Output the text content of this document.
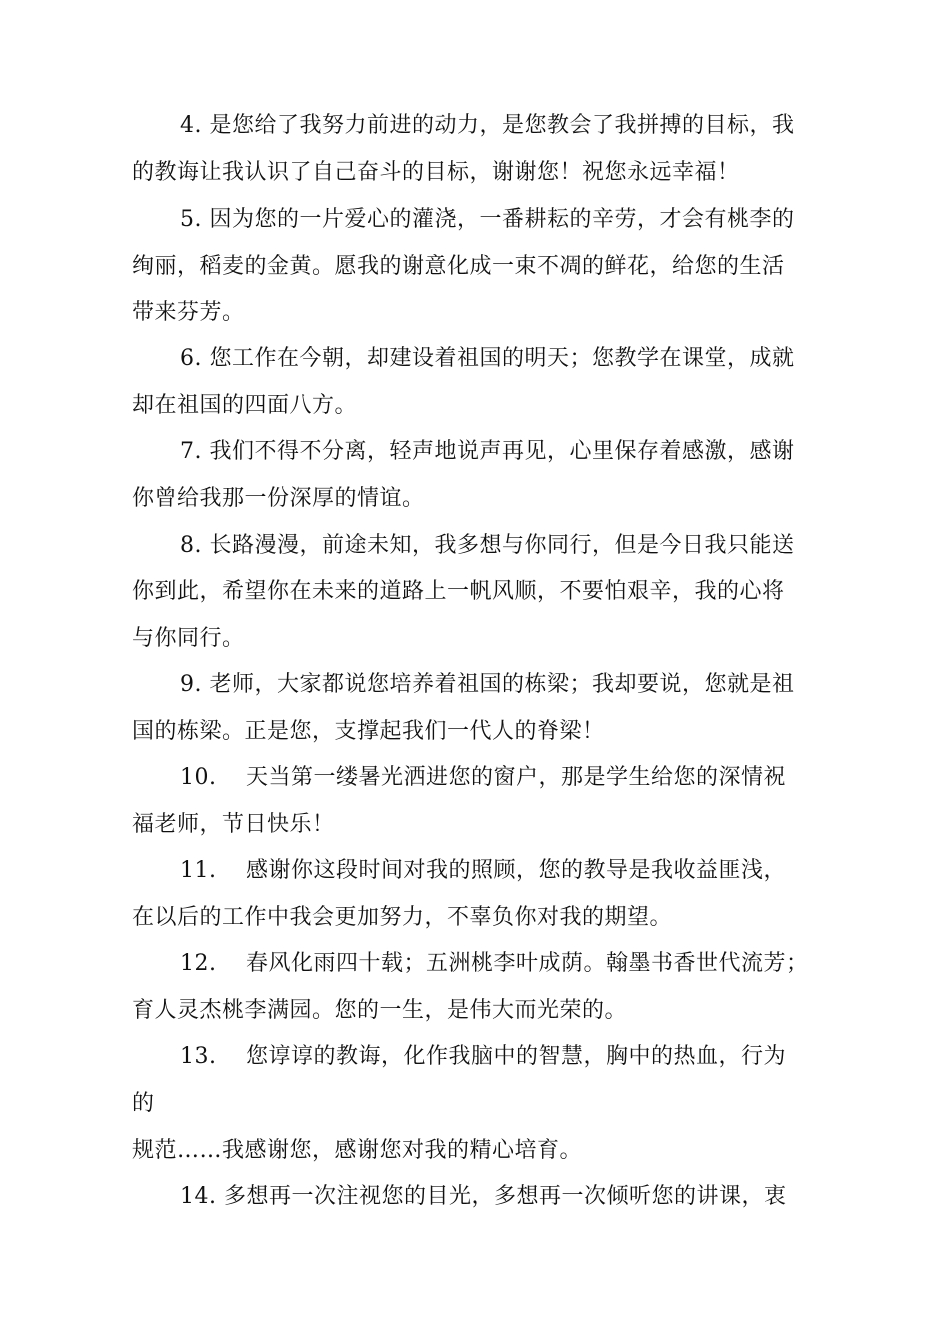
4. 是您给了我努力前进的动力，是您教会了我拼搏的目标，我
的教诲让我认识了自己奋斗的目标，谢谢您！祝您永远幸福！
5. 因为您的一片爱心的灌浇，一番耕耘的辛劳，才会有桃李的
绚丽，稻麦的金黄。愿我的谢意化成一束不凋的鲜花，给您的生活
带来芬芳。
6. 您工作在今朝，却建设着祖国的明天；您教学在课堂，成就
却在祖国的四面八方。
7. 我们不得不分离，轻声地说声再见，心里保存着感激，感谢
你曾给我那一份深厚的情谊。
8. 长路漫漫，前途未知，我多想与你同行，但是今日我只能送
你到此，希望你在未来的道路上一帆风顺，不要怕艰辛，我的心将
与你同行。
9. 老师，大家都说您培养着祖国的栋梁；我却要说，您就是祖
国的栋梁。正是您，支撑起我们一代人的脊梁！
10. 天当第一缕暑光洒进您的窗户，那是学生给您的深情祝
福老师，节日快乐！
11. 感谢你这段时间对我的照顾，您的教导是我收益匪浅，
在以后的工作中我会更加努力，不辜负你对我的期望。
12. 春风化雨四十载；五洲桃李叶成荫。翰墨书香世代流芳；
育人灵杰桃李满园。您的一生，是伟大而光荣的。
13. 您谆谆的教诲，化作我脑中的智慧，胸中的热血，行为
的
规范……我感谢您，感谢您对我的精心培育。
14. 多想再一次注视您的目光，多想再一次倾听您的讲课，衷
